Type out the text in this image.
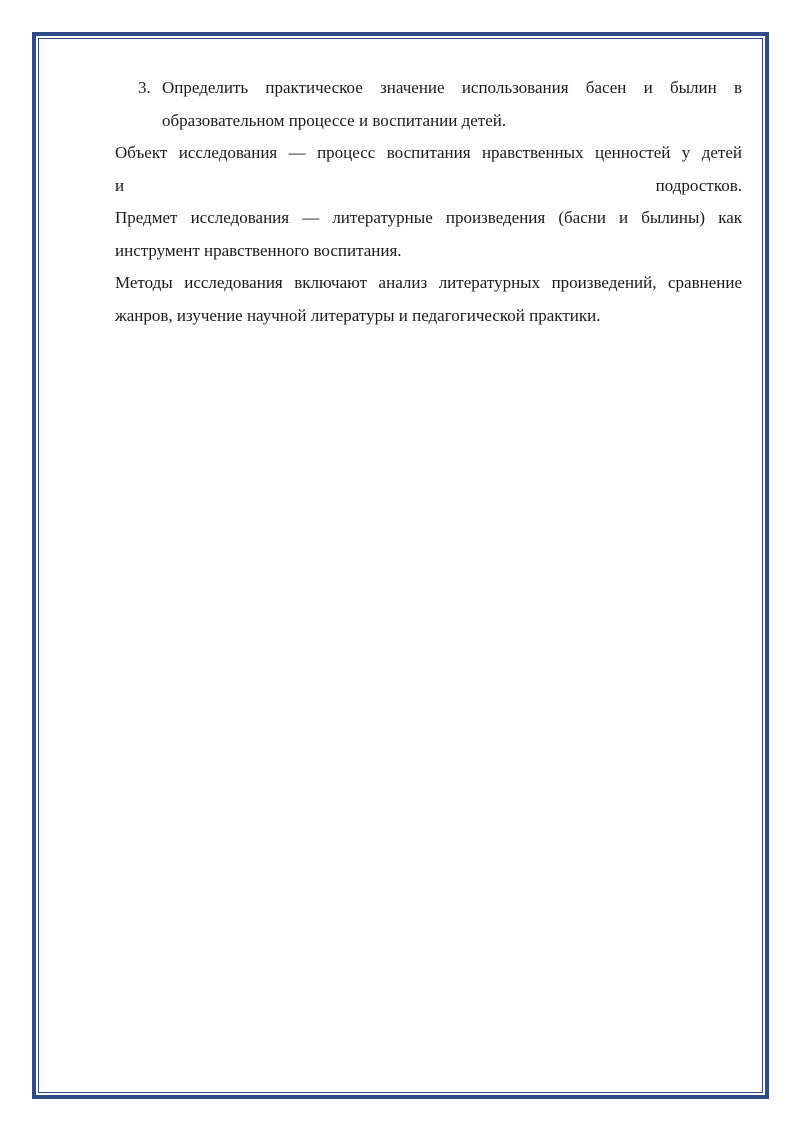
3. Определить практическое значение использования басен и былин в образовательном процессе и воспитании детей.
Объект исследования — процесс воспитания нравственных ценностей у детей
и подростков.
Предмет исследования — литературные произведения (басни и былины) как инструмент нравственного воспитания.
Методы исследования включают анализ литературных произведений, сравнение жанров, изучение научной литературы и педагогической практики.
